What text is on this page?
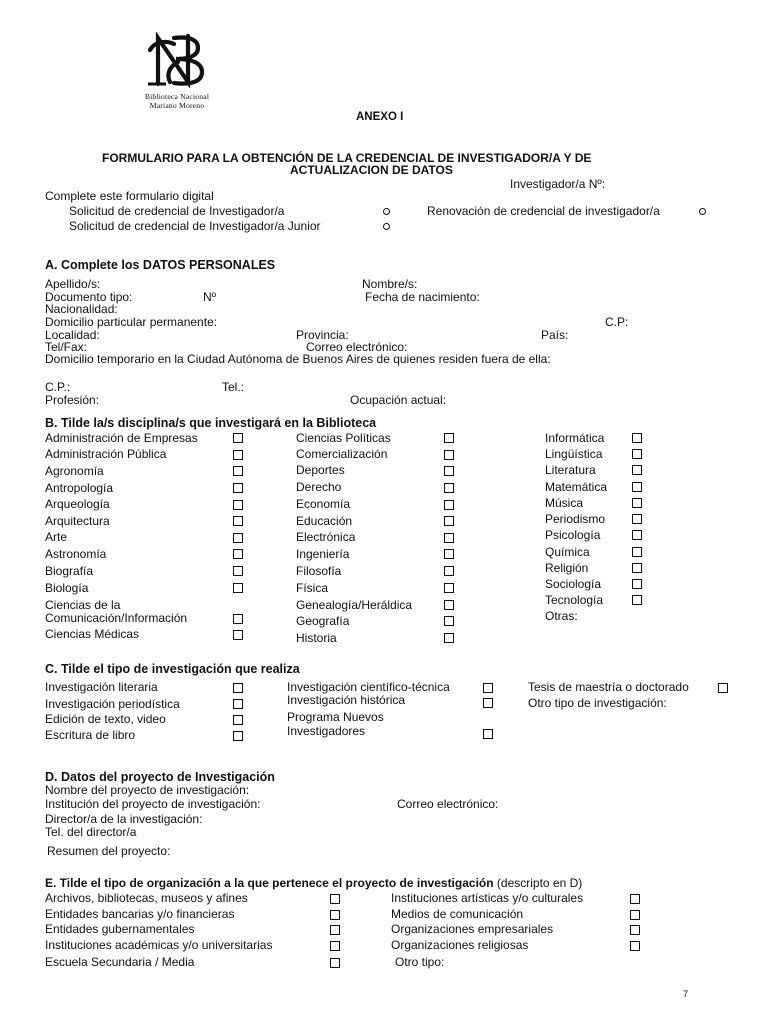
Biblioteca Nacional
Mariano Moreno
ANEXO I
FORMULARIO PARA LA OBTENCIÓN DE LA CREDENCIAL DE INVESTIGADOR/A Y DE
ACTUALIZACION DE DATOS
Investigador/a Nº:
Complete este formulario digital
Solicitud de credencial de Investigador/a	Renovación de credencial de investigador/a
Solicitud de credencial de Investigador/a Junior
A. Complete los DATOS PERSONALES
Apellido/s:	Nombre/s:
Documento tipo:	Nº	Fecha de nacimiento:
Nacionalidad:
Domicilio particular permanente:	C.P:
Localidad:	Provincia:	País:
Tel/Fax:	Correo electrónico:
Domicilio temporario en la Ciudad Autónoma de Buenos Aires de quienes residen fuera de ella:
C.P.:	Tel.:
Profesión:	Ocupación actual:
B. Tilde la/s disciplina/s que investigará en la Biblioteca
Administración de Empresas
Administración Pública
Agronomía
Antropología
Arqueología
Arquitectura
Arte
Astronomía
Biografía
Biología
Ciencias de la
Comunicación/Información
Ciencias Médicas
Ciencias Políticas
Comercialización
Deportes
Derecho
Economía
Educación
Electrónica
Ingeniería
Filosofía
Física
Genealogía/Heráldica
Geografía
Historia
Informática
Lingüística
Literatura
Matemática
Música
Periodismo
Psicología
Química
Religión
Sociología
Tecnología
Otras:
C. Tilde el tipo de investigación que realiza
Investigación literaria
Investigación periodística
Edición de texto, video
Escritura de libro
Investigación científico-técnica
Investigación histórica
Programa Nuevos
Investigadores
Tesis de maestría o doctorado
Otro tipo de investigación:
D. Datos del proyecto de Investigación
Nombre del proyecto de investigación:
Institución del proyecto de investigación:	Correo electrónico:
Director/a de la investigación:
Tel. del director/a
Resumen del proyecto:
E. Tilde el tipo de organización a la que pertenece el proyecto de investigación (descripto en D)
Archivos, bibliotecas, museos y afines
Entidades bancarias y/o financieras
Entidades gubernamentales
Instituciones académicas y/o universitarias
Escuela Secundaria / Media
Instituciones artísticas y/o culturales
Medios de comunicación
Organizaciones empresariales
Organizaciones religiosas
Otro tipo:
7
